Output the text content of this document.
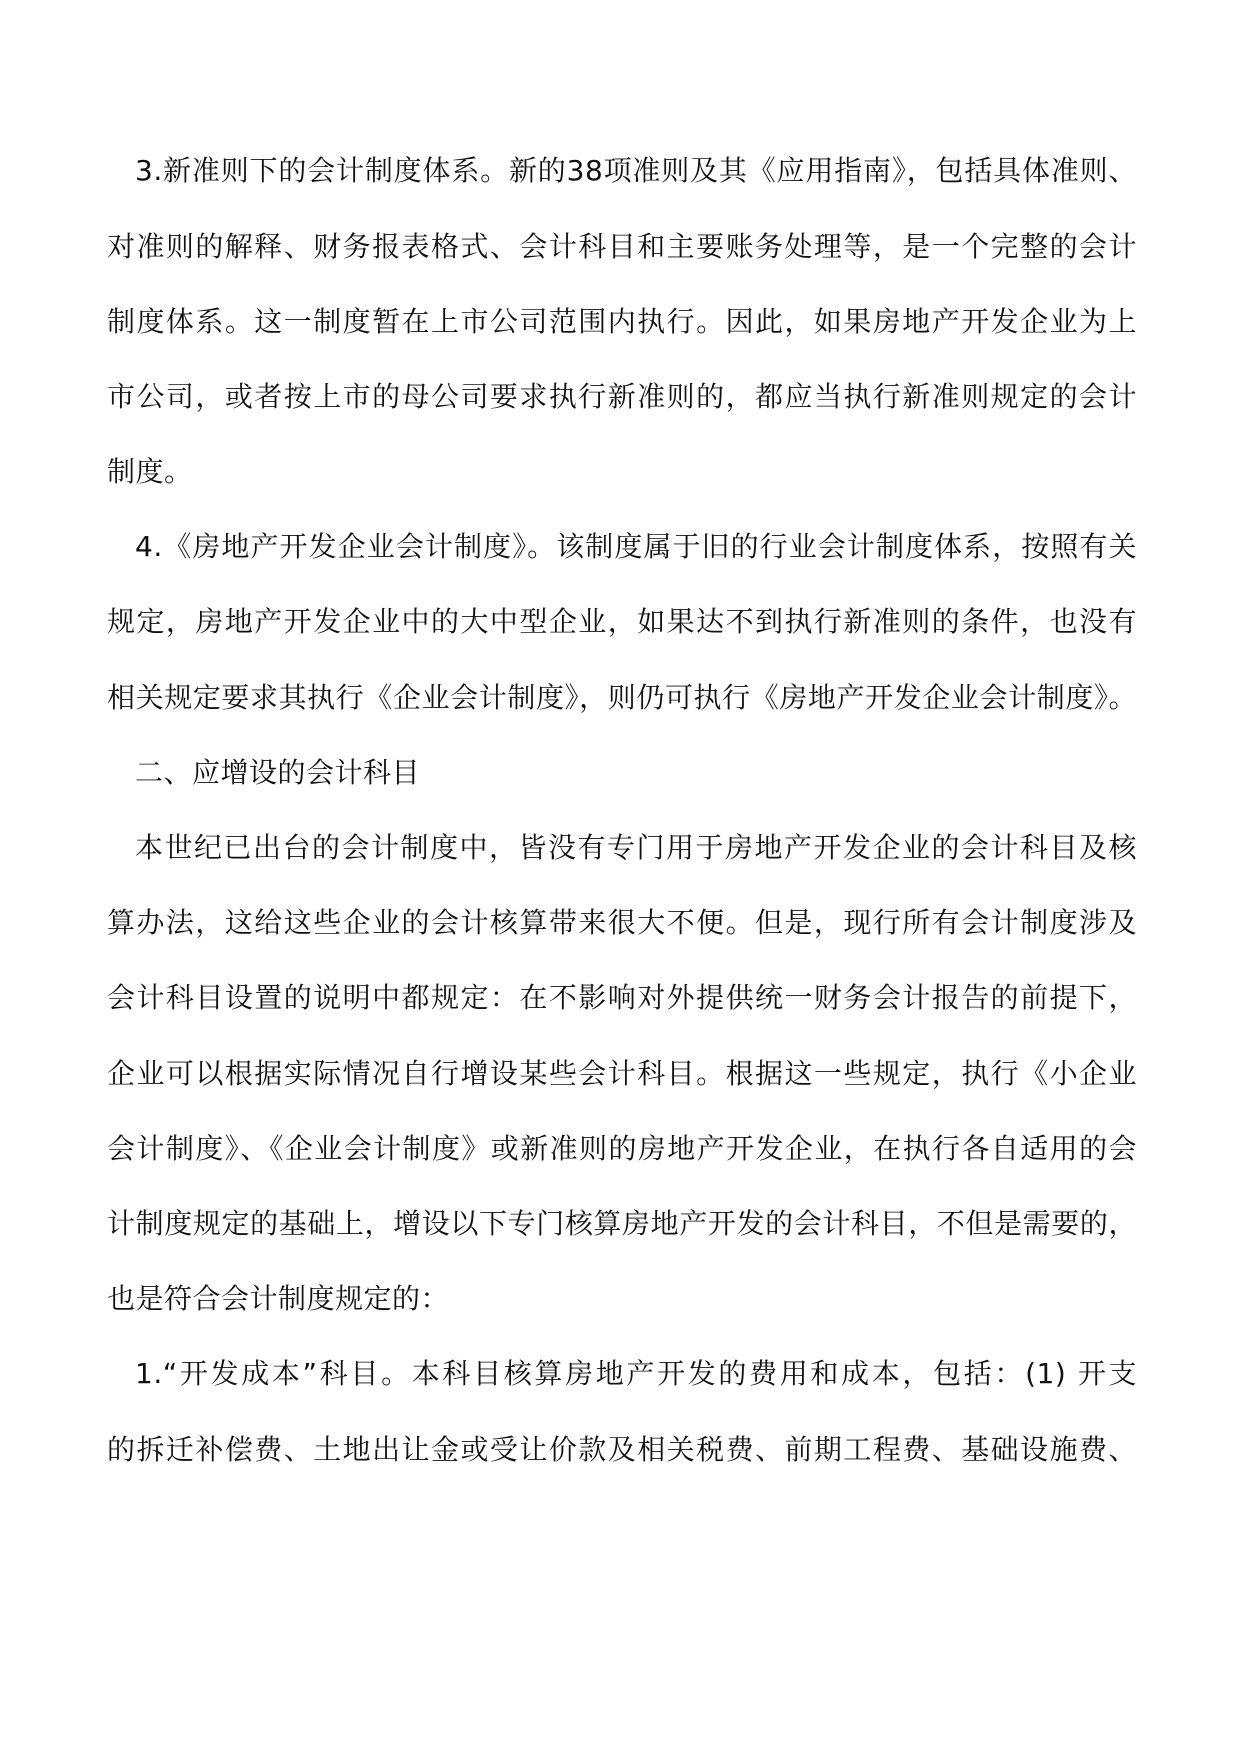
3.新准则下的会计制度体系。新的38项准则及其《应用指南》，包括具体准则、
对准则的解释、财务报表格式、会计科目和主要账务处理等，是一个完整的会计
制度体系。这一制度暂在上市公司范围内执行。因此，如果房地产开发企业为上
市公司，或者按上市的母公司要求执行新准则的，都应当执行新准则规定的会计
制度。
4.《房地产开发企业会计制度》。该制度属于旧的行业会计制度体系，按照有关
规定，房地产开发企业中的大中型企业，如果达不到执行新准则的条件，也没有
相关规定要求其执行《企业会计制度》，则仍可执行《房地产开发企业会计制度》。
二、应增设的会计科目
本世纪已出台的会计制度中，皆没有专门用于房地产开发企业的会计科目及核
算办法，这给这些企业的会计核算带来很大不便。但是，现行所有会计制度涉及
会计科目设置的说明中都规定：在不影响对外提供统一财务会计报告的前提下，
企业可以根据实际情况自行增设某些会计科目。根据这一些规定，执行《小企业
会计制度》、《企业会计制度》或新准则的房地产开发企业，在执行各自适用的会
计制度规定的基础上，增设以下专门核算房地产开发的会计科目，不但是需要的，
也是符合会计制度规定的：
1.“开发成本”科目。本科目核算房地产开发的费用和成本，包括：(1) 开支
的拆迁补偿费、土地出让金或受让价款及相关税费、前期工程费、基础设施费、
